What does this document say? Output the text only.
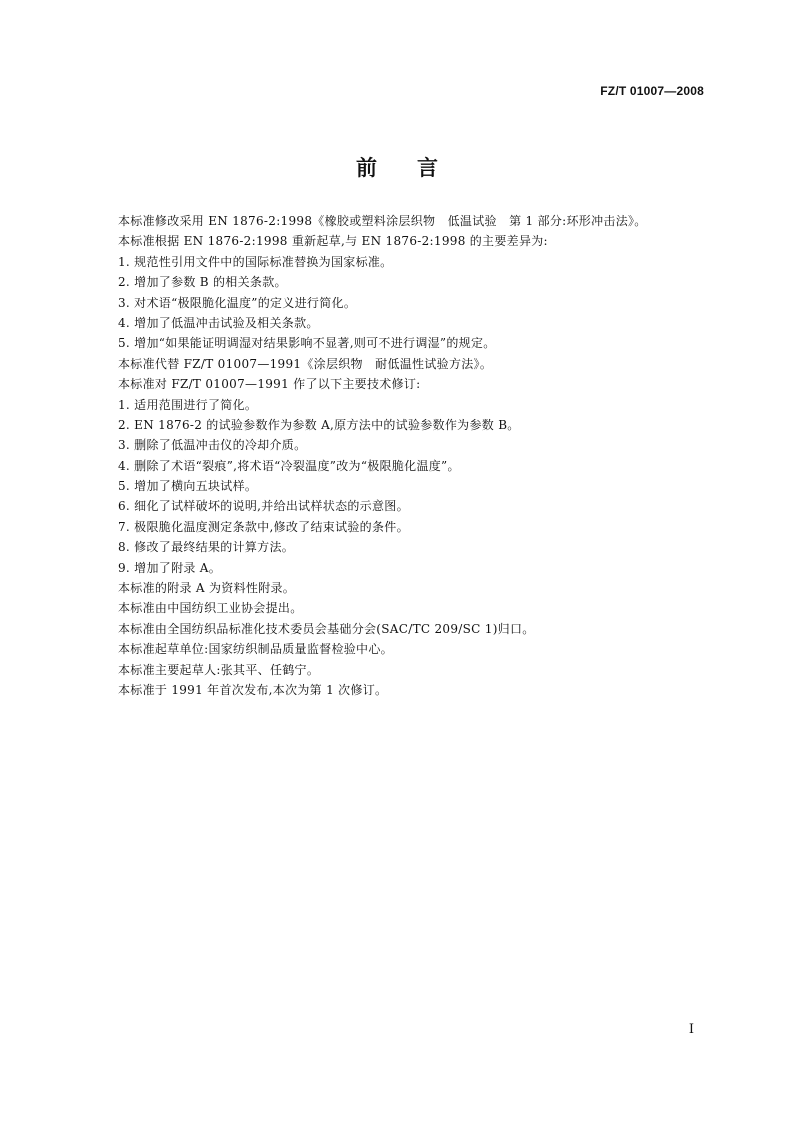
FZ/T 01007—2008
前 言
本标准修改采用 EN 1876-2:1998《橡胶或塑料涂层织物　低温试验　第 1 部分:环形冲击法》。
本标准根据 EN 1876-2:1998 重新起草,与 EN 1876-2:1998 的主要差异为:
1. 规范性引用文件中的国际标准替换为国家标准。
2. 增加了参数 B 的相关条款。
3. 对术语“极限脆化温度”的定义进行简化。
4. 增加了低温冲击试验及相关条款。
5. 增加“如果能证明调湿对结果影响不显著,则可不进行调湿”的规定。
本标准代替 FZ/T 01007—1991《涂层织物　耐低温性试验方法》。
本标准对 FZ/T 01007—1991 作了以下主要技术修订:
1. 适用范围进行了简化。
2. EN 1876-2 的试验参数作为参数 A,原方法中的试验参数作为参数 B。
3. 删除了低温冲击仪的冷却介质。
4. 删除了术语“裂痕”,将术语“冷裂温度”改为“极限脆化温度”。
5. 增加了横向五块试样。
6. 细化了试样破坏的说明,并给出试样状态的示意图。
7. 极限脆化温度测定条款中,修改了结束试验的条件。
8. 修改了最终结果的计算方法。
9. 增加了附录 A。
本标准的附录 A 为资料性附录。
本标准由中国纺织工业协会提出。
本标准由全国纺织品标准化技术委员会基础分会(SAC/TC 209/SC 1)归口。
本标准起草单位:国家纺织制品质量监督检验中心。
本标准主要起草人:张其平、任鹤宁。
本标准于 1991 年首次发布,本次为第 1 次修订。
I
